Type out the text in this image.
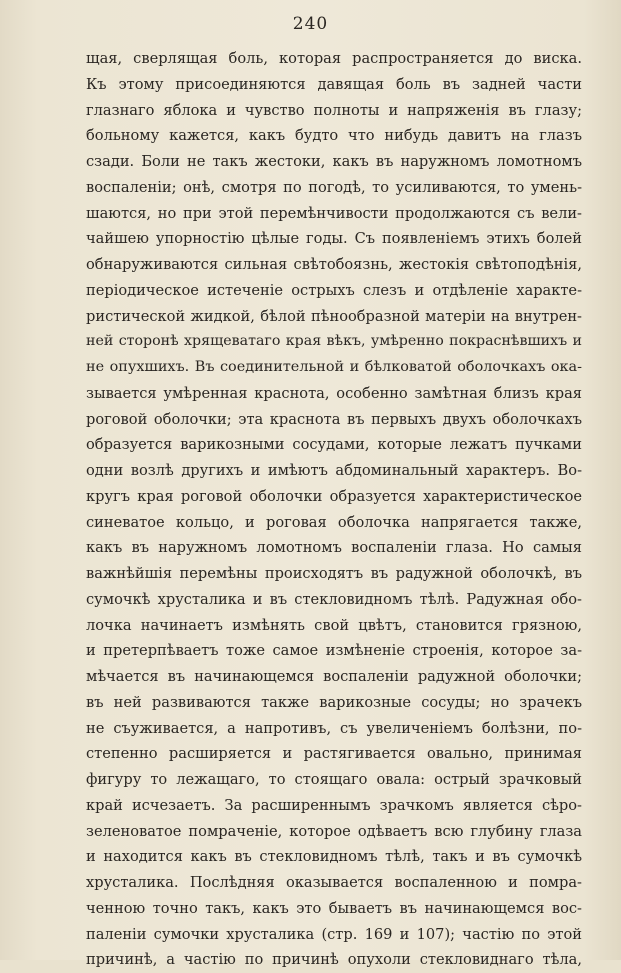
240
щая, сверлящая боль, которая распространяется до виска.
Къ этому присоединяются давящая боль въ задней части
глазнаго яблока и чувство полноты и напряженія въ глазу;
больному кажется, какъ будто что нибудь давитъ на глазъ
сзади. Боли не такъ жестоки, какъ въ наружномъ ломотномъ
воспаленіи; онѣ, смотря по погодѣ, то усиливаются, то умень-
шаются, но при этой перемѣнчивости продолжаются съ вели-
чайшею упорностію цѣлые годы. Съ появленіемъ этихъ болей
обнаруживаются сильная свѣтобоязнь, жестокія свѣтоподѣнія,
періодическое истеченіе острыхъ слезъ и отдѣленіе характе-
ристической жидкой, бѣлой пѣнообразной матеріи на внутрен-
ней сторонѣ хрящеватаго края вѣкъ, умѣренно покраснѣвшихъ и
не опухшихъ. Въ соединительной и бѣлковатой оболочкахъ ока-
зывается умѣренная краснота, особенно замѣтная близъ края
роговой оболочки; эта краснота въ первыхъ двухъ оболочкахъ
образуется варикозными сосудами, которые лежатъ пучками
одни возлѣ другихъ и имѣютъ абдоминальный характеръ. Во-
кругъ края роговой оболочки образуется характеристическое
синеватое кольцо, и роговая оболочка напрягается также,
какъ въ наружномъ ломотномъ воспаленіи глаза. Но самыя
важнѣйшія перемѣны происходятъ въ радужной оболочкѣ, въ
сумочкѣ хрусталика и въ стекловидномъ тѣлѣ. Радужная обо-
лочка начинаетъ измѣнять свой цвѣтъ, становится грязною,
и претерпѣваетъ тоже самое измѣненіе строенія, которое за-
мѣчается въ начинающемся воспаленіи радужной оболочки;
въ ней развиваются также варикозные сосуды; но зрачекъ
не съуживается, а напротивъ, съ увеличеніемъ болѣзни, по-
степенно расширяется и растягивается овально, принимая
фигуру то лежащаго, то стоящаго овала: острый зрачковый
край исчезаетъ. За расширеннымъ зрачкомъ является сѣро-
зеленоватое помраченіе, которое одѣваетъ всю глубину глаза
и находится какъ въ стекловидномъ тѣлѣ, такъ и въ сумочкѣ
хрусталика. Послѣдняя оказывается воспаленною и помра-
ченною точно такъ, какъ это бываетъ въ начинающемся вос-
паленіи сумочки хрусталика (стр. 169 и 107); частію по этой
причинѣ, а частію по причинѣ опухоли стекловиднаго тѣла,
